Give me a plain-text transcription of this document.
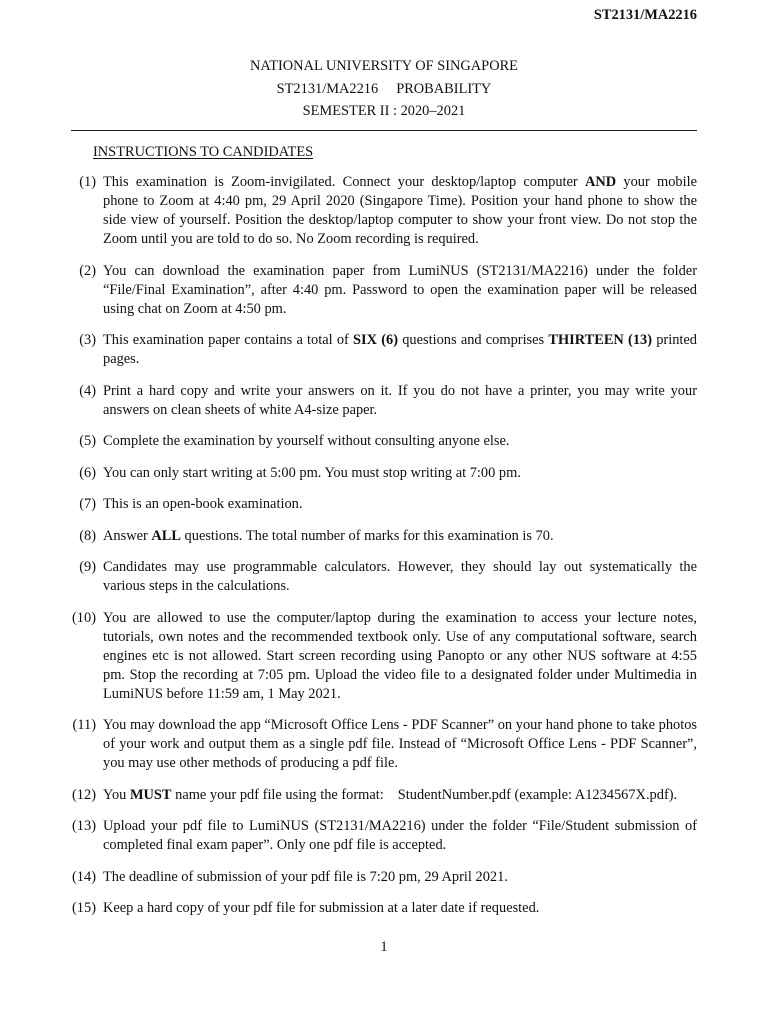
ST2131/MA2216
NATIONAL UNIVERSITY OF SINGAPORE
ST2131/MA2216 PROBABILITY
SEMESTER II : 2020–2021
INSTRUCTIONS TO CANDIDATES
(1) This examination is Zoom-invigilated. Connect your desktop/laptop computer AND your mobile phone to Zoom at 4:40 pm, 29 April 2020 (Singapore Time). Position your hand phone to show the side view of yourself. Position the desktop/laptop computer to show your front view. Do not stop the Zoom until you are told to do so. No Zoom recording is required.
(2) You can download the examination paper from LumiNUS (ST2131/MA2216) under the folder “File/Final Examination”, after 4:40 pm. Password to open the examination paper will be released using chat on Zoom at 4:50 pm.
(3) This examination paper contains a total of SIX (6) questions and comprises THIRTEEN (13) printed pages.
(4) Print a hard copy and write your answers on it. If you do not have a printer, you may write your answers on clean sheets of white A4-size paper.
(5) Complete the examination by yourself without consulting anyone else.
(6) You can only start writing at 5:00 pm. You must stop writing at 7:00 pm.
(7) This is an open-book examination.
(8) Answer ALL questions. The total number of marks for this examination is 70.
(9) Candidates may use programmable calculators. However, they should lay out systematically the various steps in the calculations.
(10) You are allowed to use the computer/laptop during the examination to access your lecture notes, tutorials, own notes and the recommended textbook only. Use of any computational software, search engines etc is not allowed. Start screen recording using Panopto or any other NUS software at 4:55 pm. Stop the recording at 7:05 pm. Upload the video file to a designated folder under Multimedia in LumiNUS before 11:59 am, 1 May 2021.
(11) You may download the app “Microsoft Office Lens - PDF Scanner” on your hand phone to take photos of your work and output them as a single pdf file. Instead of “Microsoft Office Lens - PDF Scanner”, you may use other methods of producing a pdf file.
(12) You MUST name your pdf file using the format: StudentNumber.pdf (example: A1234567X.pdf).
(13) Upload your pdf file to LumiNUS (ST2131/MA2216) under the folder “File/Student submission of completed final exam paper”. Only one pdf file is accepted.
(14) The deadline of submission of your pdf file is 7:20 pm, 29 April 2021.
(15) Keep a hard copy of your pdf file for submission at a later date if requested.
1
